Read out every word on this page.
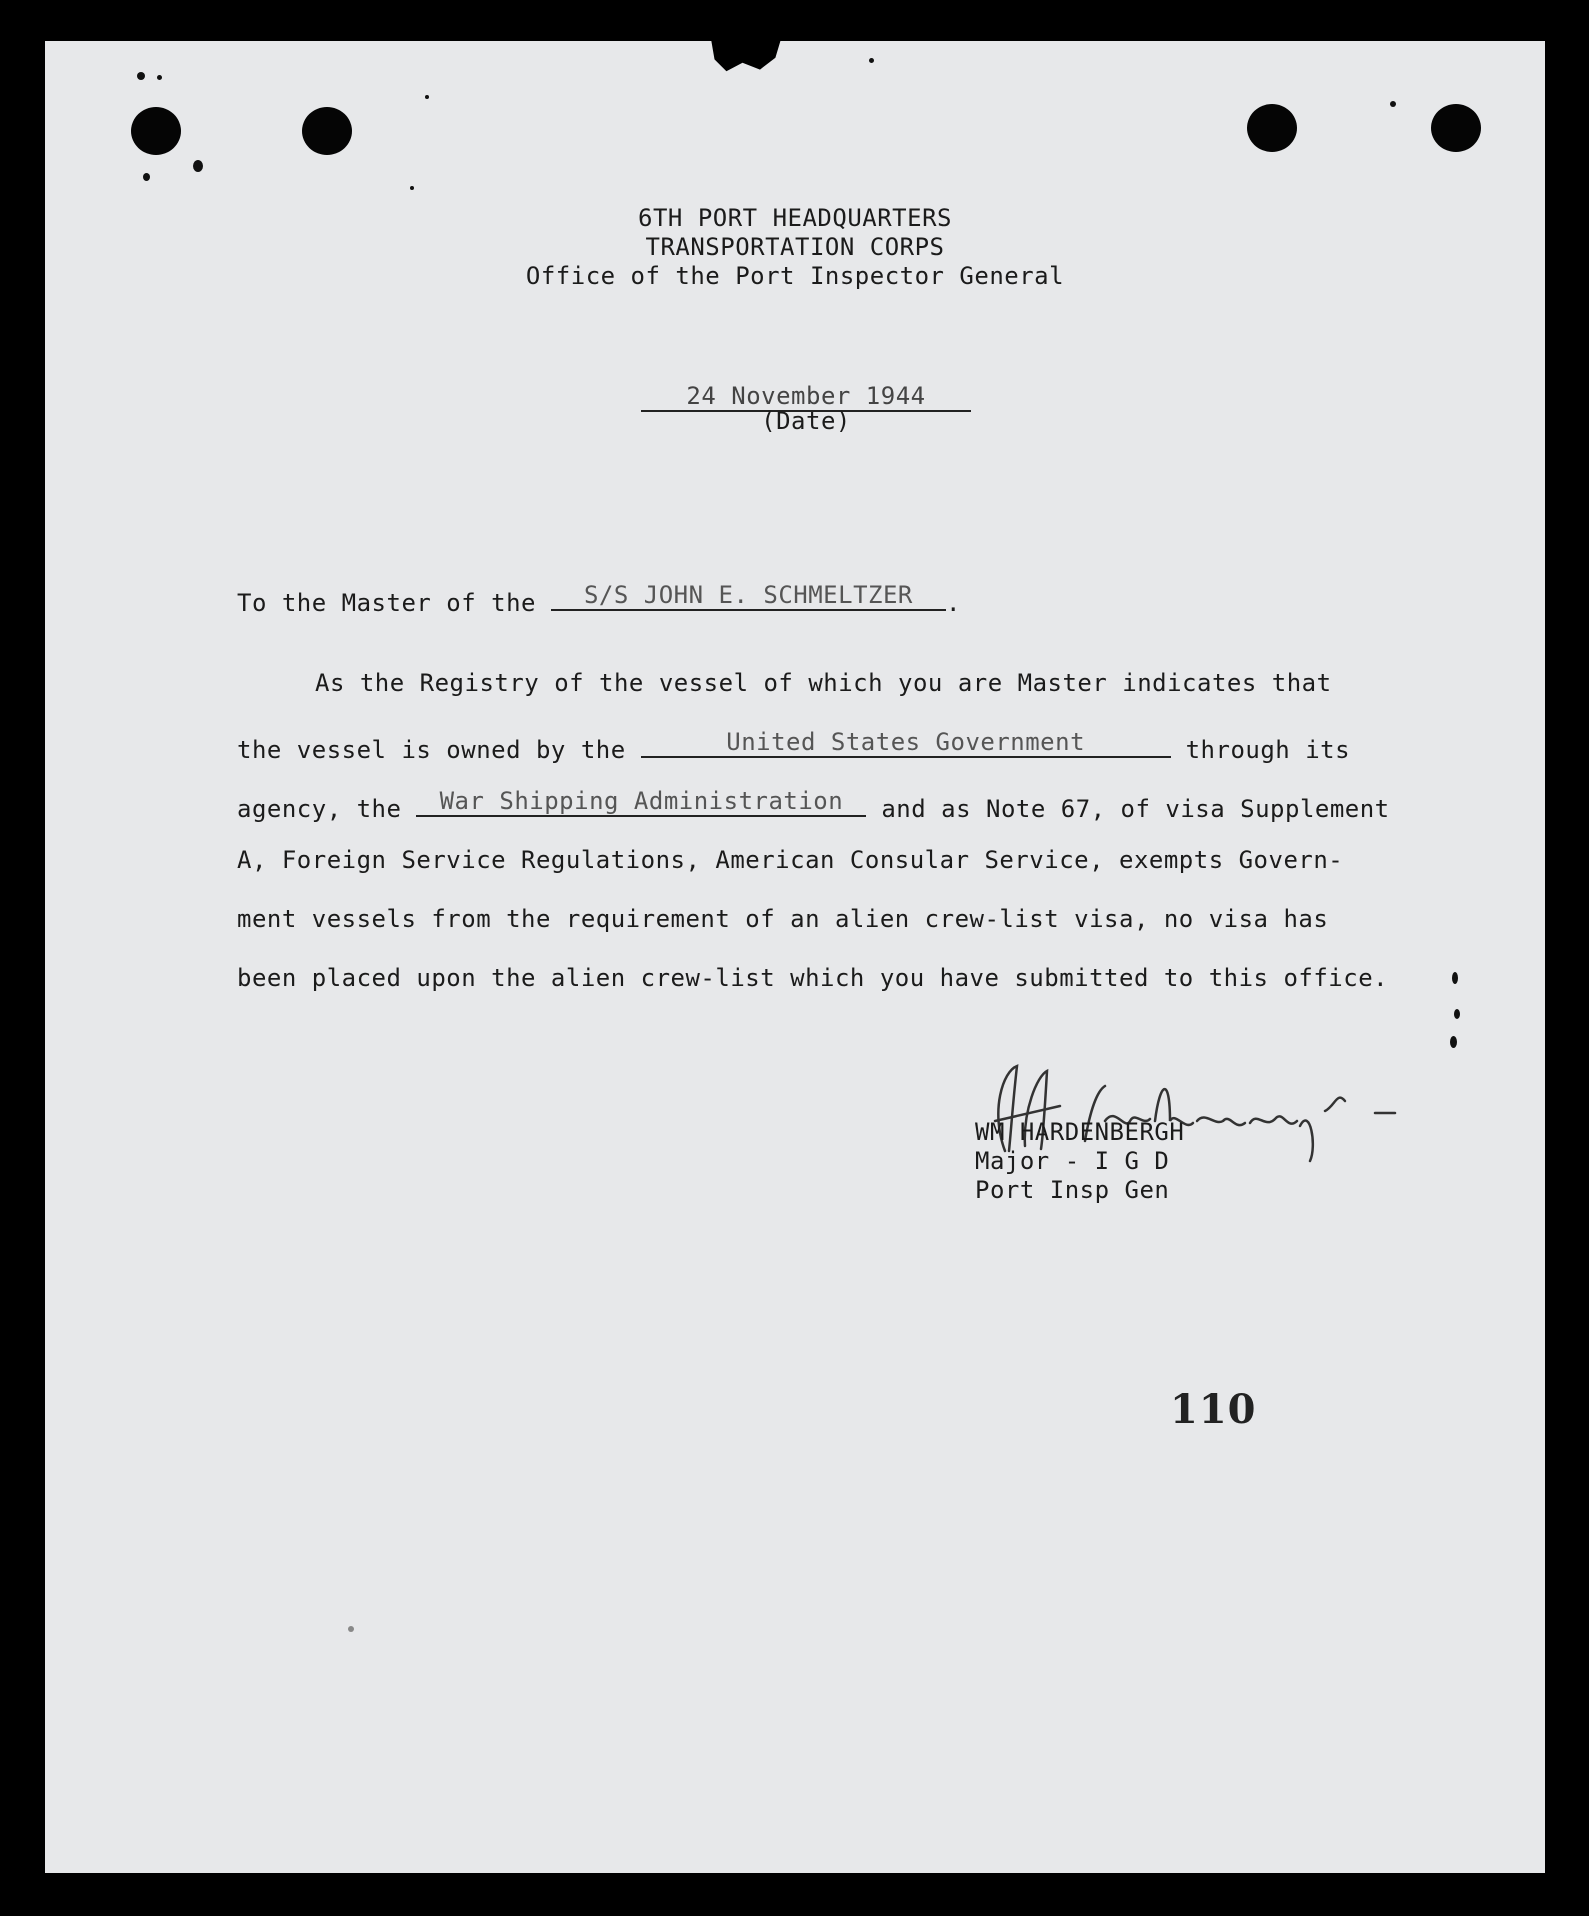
6TH PORT HEADQUARTERS
TRANSPORTATION CORPS
Office of the Port Inspector General
24 November 1944
(Date)
To the Master of the S/S JOHN E. SCHMELTZER .
As the Registry of the vessel of which you are Master indicates that
the vessel is owned by the	United States Government	through its
agency, the War Shipping Administration and as Note 67, of visa Supplement
A, Foreign Service Regulations, American Consular Service, exempts Govern-
ment vessels from the requirement of an alien crew-list visa, no visa has
been placed upon the alien crew-list which you have submitted to this office.
WM HARDENBERGH
Major - I G D
Port Insp Gen
110
